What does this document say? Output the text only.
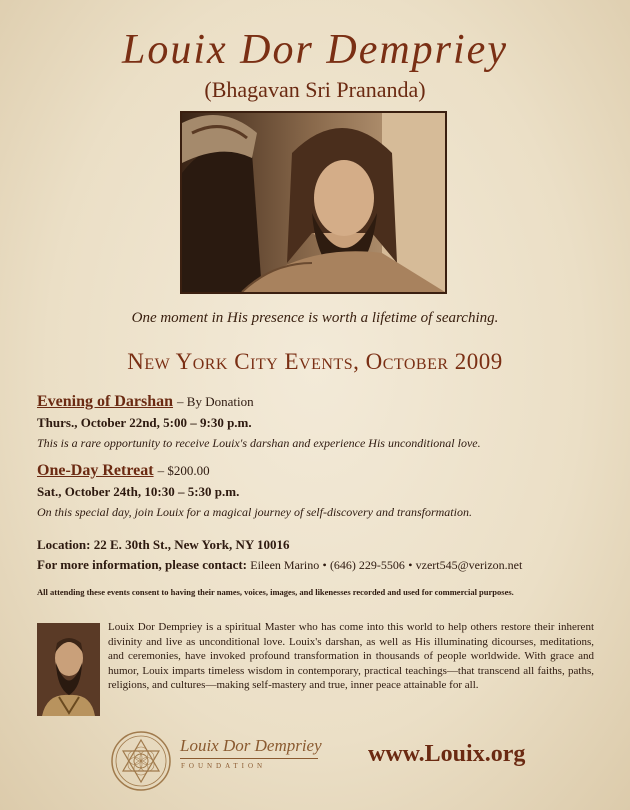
Louix Dor Dempriey
(Bhagavan Sri Prananda)
One moment in His presence is worth a lifetime of searching.
New York City Events, October 2009
Evening of Darshan – By Donation
Thurs., October 22nd, 5:00 – 9:30 p.m.
This is a rare opportunity to receive Louix's darshan and experience His unconditional love.
One-Day Retreat – $200.00
Sat., October 24th, 10:30 – 5:30 p.m.
On this special day, join Louix for a magical journey of self-discovery and transformation.
Location: 22 E. 30th St., New York, NY 10016
For more information, please contact: Eileen Marino • (646) 229-5506 • vzert545@verizon.net
All attending these events consent to having their names, voices, images, and likenesses recorded and used for commercial purposes.
Louix Dor Dempriey is a spiritual Master who has come into this world to help others restore their inherent divinity and live as unconditional love. Louix's darshan, as well as His illuminating dicourses, meditations, and ceremonies, have invoked profound transformation in thousands of people worldwide. With grace and humor, Louix imparts timeless wisdom in contemporary, practical teachings—that transcend all faiths, paths, religions, and cultures—making self-mastery and true, inner peace attainable for all.
Louix Dor Dempriey
FOUNDATION	www.Louix.org
